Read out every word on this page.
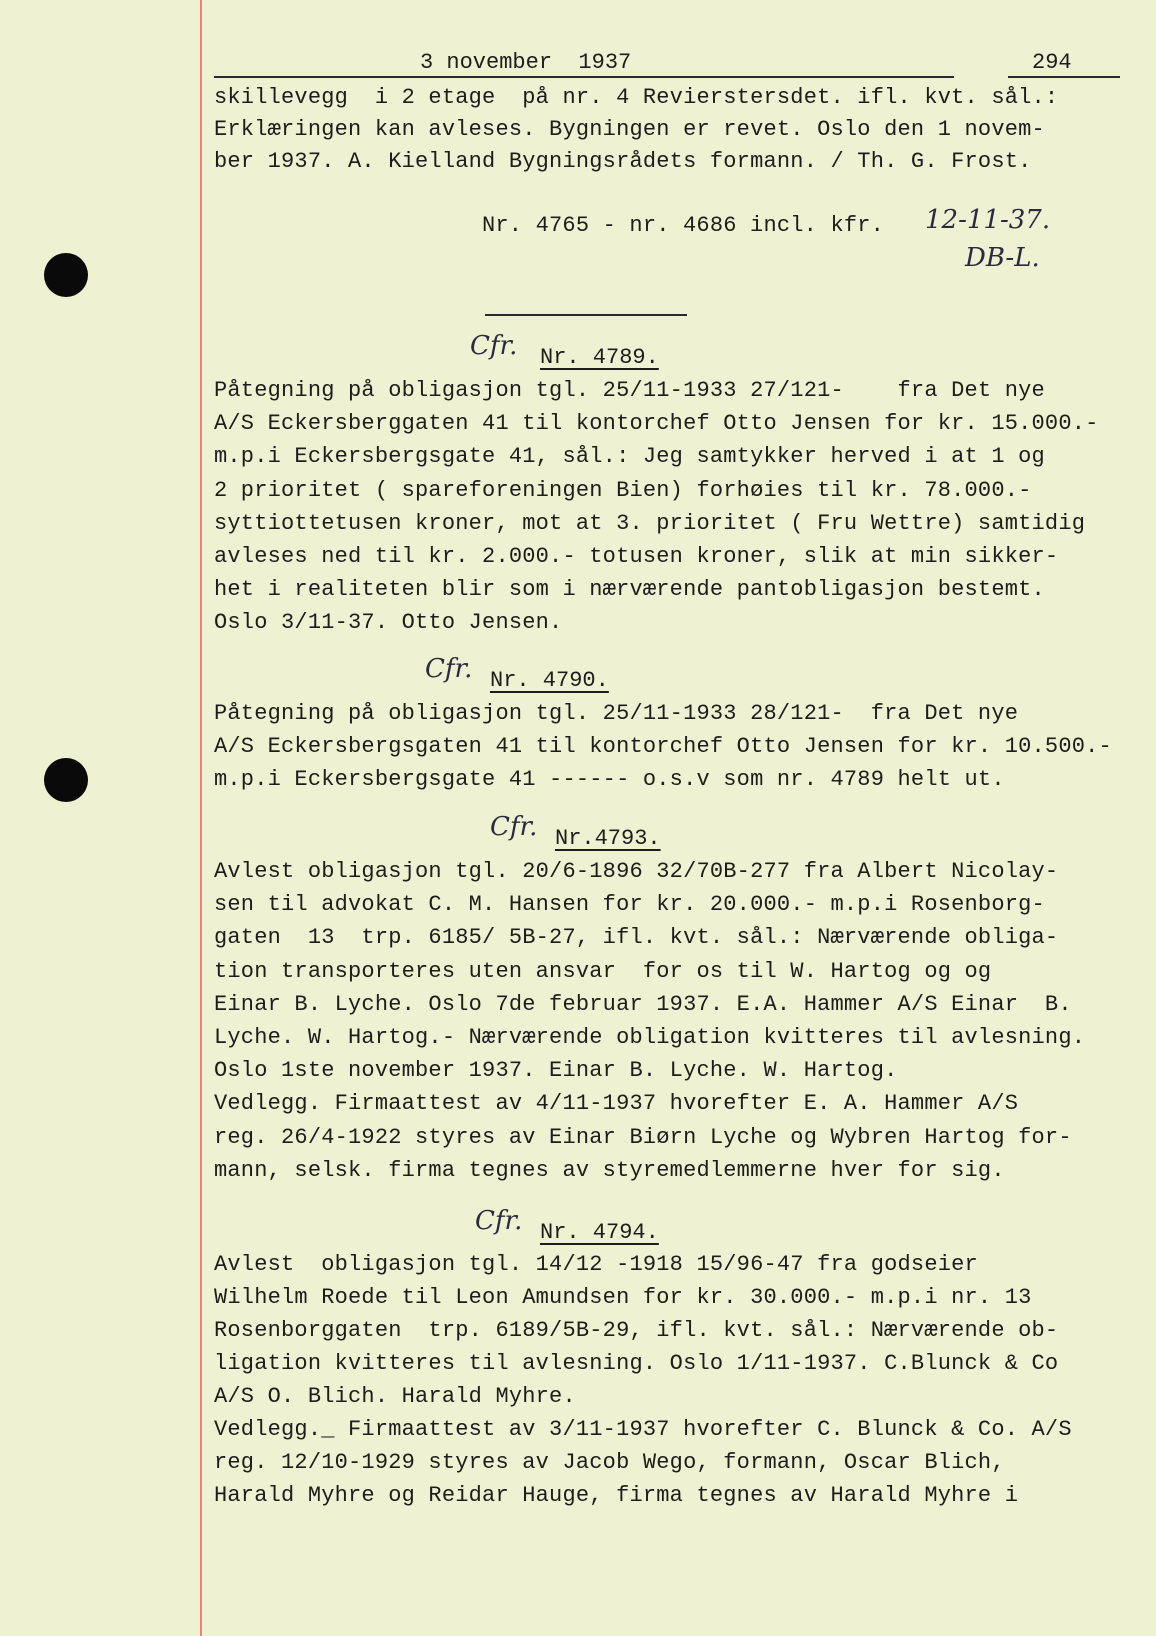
3 november  1937	294
skillevegg  i 2 etage  på nr. 4 Revierstersdet. ifl. kvt. sål.:
Erklæringen kan avleses. Bygningen er revet. Oslo den 1 novem-
ber 1937. A. Kielland Bygningsrådets formann. / Th. G. Frost.
Nr. 4765 - nr. 4686 incl. kfr. 12-11-37.
DB-L.
Cfr. Nr. 4789.
Påtegning på obligasjon tgl. 25/11-1933 27/121-    fra Det nye
A/S Eckersberggaten 41 til kontorchef Otto Jensen for kr. 15.000.-
m.p.i Eckersbergsgate 41, sål.: Jeg samtykker herved i at 1 og
2 prioritet ( spareforeningen Bien) forhøies til kr. 78.000.-
syttiottetusen kroner, mot at 3. prioritet ( Fru Wettre) samtidig
avleses ned til kr. 2.000.- totusen kroner, slik at min sikker-
het i realiteten blir som i nærværende pantobligasjon bestemt.
Oslo 3/11-37. Otto Jensen.
Cfr. Nr. 4790.
Påtegning på obligasjon tgl. 25/11-1933 28/121-  fra Det nye
A/S Eckersbergsgaten 41 til kontorchef Otto Jensen for kr. 10.500.-
m.p.i Eckersbergsgate 41 ------ o.s.v som nr. 4789 helt ut.
Cfr. Nr.4793.
Avlest obligasjon tgl. 20/6-1896 32/70B-277 fra Albert Nicolay-
sen til advokat C. M. Hansen for kr. 20.000.- m.p.i Rosenborg-
gaten  13  trp. 6185/ 5B-27, ifl. kvt. sål.: Nærværende obliga-
tion transporteres uten ansvar  for os til W. Hartog og og
Einar B. Lyche. Oslo 7de februar 1937. E.A. Hammer A/S Einar  B.
Lyche. W. Hartog.- Nærværende obligation kvitteres til avlesning.
Oslo 1ste november 1937. Einar B. Lyche. W. Hartog.
Vedlegg. Firmaattest av 4/11-1937 hvorefter E. A. Hammer A/S
reg. 26/4-1922 styres av Einar Biørn Lyche og Wybren Hartog for-
mann, selsk. firma tegnes av styremedlemmerne hver for sig.
Cfr. Nr. 4794.
Avlest  obligasjon tgl. 14/12 -1918 15/96-47 fra godseier
Wilhelm Roede til Leon Amundsen for kr. 30.000.- m.p.i nr. 13
Rosenborggaten  trp. 6189/5B-29, ifl. kvt. sål.: Nærværende ob-
ligation kvitteres til avlesning. Oslo 1/11-1937. C.Blunck & Co
A/S O. Blich. Harald Myhre.
Vedlegg._ Firmaattest av 3/11-1937 hvorefter C. Blunck & Co. A/S
reg. 12/10-1929 styres av Jacob Wego, formann, Oscar Blich,
Harald Myhre og Reidar Hauge, firma tegnes av Harald Myhre i
